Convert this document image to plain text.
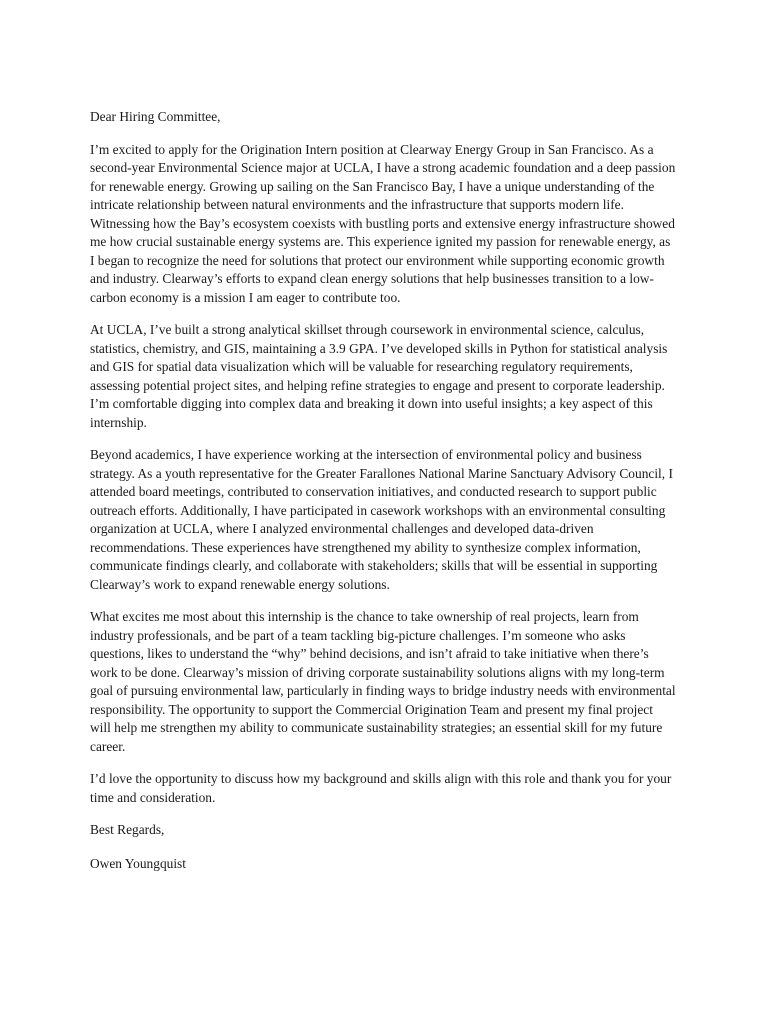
Dear Hiring Committee,

I’m excited to apply for the Origination Intern position at Clearway Energy Group in San Francisco. As a second-year Environmental Science major at UCLA, I have a strong academic foundation and a deep passion for renewable energy. Growing up sailing on the San Francisco Bay, I have a unique understanding of the intricate relationship between natural environments and the infrastructure that supports modern life. Witnessing how the Bay’s ecosystem coexists with bustling ports and extensive energy infrastructure showed me how crucial sustainable energy systems are. This experience ignited my passion for renewable energy, as I began to recognize the need for solutions that protect our environment while supporting economic growth and industry. Clearway’s efforts to expand clean energy solutions that help businesses transition to a low-carbon economy is a mission I am eager to contribute too.

At UCLA, I’ve built a strong analytical skillset through coursework in environmental science, calculus, statistics, chemistry, and GIS, maintaining a 3.9 GPA. I’ve developed skills in Python for statistical analysis and GIS for spatial data visualization which will be valuable for researching regulatory requirements, assessing potential project sites, and helping refine strategies to engage and present to corporate leadership. I’m comfortable digging into complex data and breaking it down into useful insights; a key aspect of this internship.

Beyond academics, I have experience working at the intersection of environmental policy and business strategy. As a youth representative for the Greater Farallones National Marine Sanctuary Advisory Council, I attended board meetings, contributed to conservation initiatives, and conducted research to support public outreach efforts. Additionally, I have participated in casework workshops with an environmental consulting organization at UCLA, where I analyzed environmental challenges and developed data-driven recommendations. These experiences have strengthened my ability to synthesize complex information, communicate findings clearly, and collaborate with stakeholders; skills that will be essential in supporting Clearway’s work to expand renewable energy solutions.

What excites me most about this internship is the chance to take ownership of real projects, learn from industry professionals, and be part of a team tackling big-picture challenges. I’m someone who asks questions, likes to understand the “why” behind decisions, and isn’t afraid to take initiative when there’s work to be done. Clearway’s mission of driving corporate sustainability solutions aligns with my long-term goal of pursuing environmental law, particularly in finding ways to bridge industry needs with environmental responsibility. The opportunity to support the Commercial Origination Team and present my final project will help me strengthen my ability to communicate sustainability strategies; an essential skill for my future career.

I’d love the opportunity to discuss how my background and skills align with this role and thank you for your time and consideration.

Best Regards,

Owen Youngquist
